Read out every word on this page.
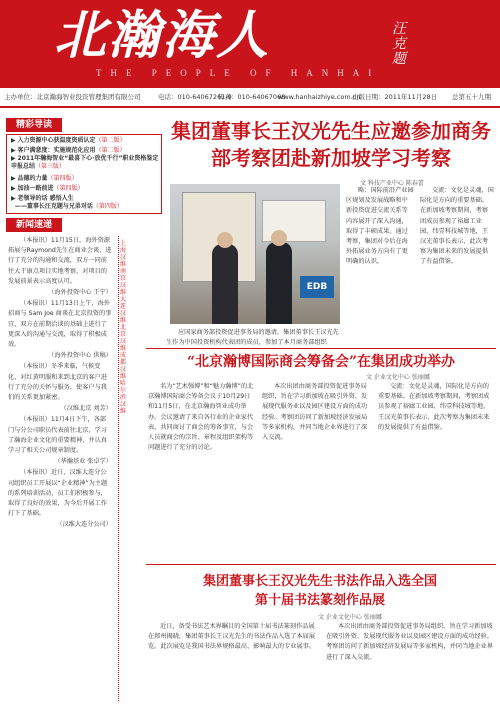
北瀚海人	汪克题
THE PEOPLE OF HANHAI
主办单位：北京瀚海智业投资管理集团有限公司	电话：010-64067261-9
传真：010-64067068
www.hanhaizhiye.com.cn
出版日期：2011年11月28日 总第五十九期
精彩导读
▶ 入力资源中心获温度资质认定（第二版）
▶ 客户满意度：实施规范化应用（第二版）
▶ 2011年瀚海智业“最喜下心·放优千行”职业资格鉴定申报总结（第三版）
▶ 品德的力量（第四版）
▶ 加油一路前进（第四版）
▶ 老领导的话 感悟人生
——董事长汪克题与兄弟对话（第四版）
新闻速递

（本报讯）11月15日，海外资源拓展与Raymond先生在商业会谈，进行了充分的沟通和交流，双方一同前往大干康点项目实地考察，对项目的发展前景表示高度认可。

（海外投资中心 王宁）

（本报讯）11月13日上午，海外招商与 Sam Joe 商谈在北京投资的事宜，双方在前期洽谈的基础上进行了更深入的沟通与交流，取得了积极成效。

（海外投资中心 供稿）

（本报讯）冬季来临，气候变化，对红黄明服和来到北京的客户进行了充分的关怀与服务，使客户与我们的关系更加紧密。

（汉维北京 刘芳）

（本报讯）11月4日下午，各部门与分公司职员代表前往北京，学习了瀚海企业文化的重要精神，并认真学习了相关公司规章制度。

（华瀚基业 张卓学）

（本报讯）近日，汉维大连分公司组织员工开展以“企业精神”为主题的系列培训活动，员工们积极参与，取得了良好的效果，为今后开展工作打下了基础。

（汉维大连分公司）

上海汉维 南京汉维 大连汉维 北京汉维 成都汉维 哈尔滨汉维
集团董事长王汉光先生应邀参加商务部考察团赴新加坡学习考察
文 科技产业中心 陈春蕾
EDB

略：国际前沿产业园区规划及发展战略和中新投资促进交流关系等内容展开了深入沟通，取得了丰硕成果。通过考察，集团对今后在海外拓展业务方向有了更明确的认识。

交流：文化是灵魂，国际化是方向的重要基础。在新加坡考察期间，考察团成员参观了裕廊工业园、纬壹科技城等地，王汉光董事长表示，此次考察为集团未来的发展提供了有益借鉴。

应国家商务部投资促进事务局的邀请，集团董事长王汉光先生作为中国投资机构代表团的成员，参加了本月商务部组织

“北京瀚博国际商会筹备会”在集团成功举办
文 企业文化中心 张丽娜

名为“艺术强博”和“魅力瀚博”的北京瀚博国际商会筹备会议于10月29日和11月5日，在北京瀚海智业成功举办。会议邀请了来自各行业的企业家代表，共同商讨了商会的筹备事宜，与会人员就商会的宗旨、章程及组织架构等问题进行了充分的讨论。

本次出团由商务部投资促进事务局组织，旨在学习新加坡在吸引外资、发展现代服务业以及园区建设方面的成功经验。考察团访问了新加坡经济发展局等多家机构，并同当地企业界进行了深入交流。

交流：文化是灵魂，国际化是方向的重要基础。在新加坡考察期间，考察团成员参观了裕廊工业园、纬壹科技城等地，王汉光董事长表示，此次考察为集团未来的发展提供了有益借鉴。

集团董事长王汉光先生书法作品入选全国第十届书法篆刻作品展
文 企业文化中心 张丽娜

近日，备受书法艺术界瞩目的全国第十届书法篆刻作品展在郑州揭晓，集团董事长王汉光先生的书法作品入选了本届展览。此次展览是我国书法界规格最高、影响最大的专业展事。

本次出团由商务部投资促进事务局组织，旨在学习新加坡在吸引外资、发展现代服务业以及园区建设方面的成功经验。考察团访问了新加坡经济发展局等多家机构，并同当地企业界进行了深入交流。
